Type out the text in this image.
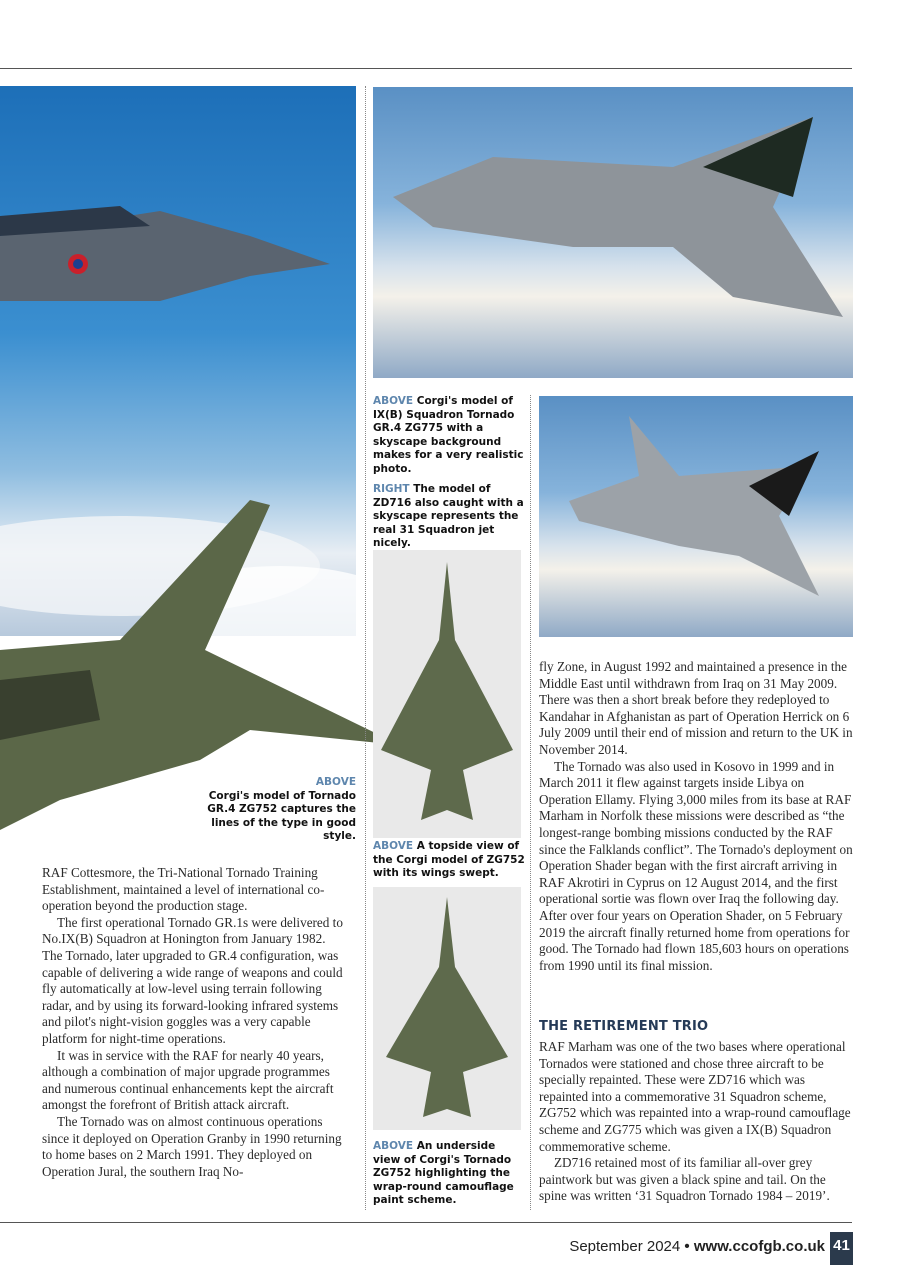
ABOVE
Corgi's model of Tornado GR.4 ZG752 captures the lines of the type in good style.
ABOVE Corgi's model of IX(B) Squadron Tornado GR.4 ZG775 with a skyscape background makes for a very realistic photo.
RIGHT The model of ZD716 also caught with a skyscape represents the real 31 Squadron jet nicely.
ABOVE A topside view of the Corgi model of ZG752 with its wings swept.
ABOVE An underside view of Corgi's Tornado ZG752 highlighting the wrap-round camouflage paint scheme.

RAF Cottesmore, the Tri-National Tornado Training Establishment, maintained a level of international co-operation beyond the production stage.

The first operational Tornado GR.1s were delivered to No.IX(B) Squadron at Honington from January 1982. The Tornado, later upgraded to GR.4 configuration, was capable of delivering a wide range of weapons and could fly automatically at low-level using terrain following radar, and by using its forward-looking infrared systems and pilot's night-vision goggles was a very capable platform for night-time operations.

It was in service with the RAF for nearly 40 years, although a combination of major upgrade programmes and numerous continual enhancements kept the aircraft amongst the forefront of British attack aircraft.

The Tornado was on almost continuous operations since it deployed on Operation Granby in 1990 returning to home bases on 2 March 1991. They deployed on Operation Jural, the southern Iraq No-

fly Zone, in August 1992 and maintained a presence in the Middle East until withdrawn from Iraq on 31 May 2009. There was then a short break before they redeployed to Kandahar in Afghanistan as part of Operation Herrick on 6 July 2009 until their end of mission and return to the UK in November 2014.

The Tornado was also used in Kosovo in 1999 and in March 2011 it flew against targets inside Libya on Operation Ellamy. Flying 3,000 miles from its base at RAF Marham in Norfolk these missions were described as “the longest-range bombing missions conducted by the RAF since the Falklands conflict”. The Tornado's deployment on Operation Shader began with the first aircraft arriving in RAF Akrotiri in Cyprus on 12 August 2014, and the first operational sortie was flown over Iraq the following day. After over four years on Operation Shader, on 5 February 2019 the aircraft finally returned home from operations for good. The Tornado had flown 185,603 hours on operations from 1990 until its final mission.

THE RETIREMENT TRIO

RAF Marham was one of the two bases where operational Tornados were stationed and chose three aircraft to be specially repainted. These were ZD716 which was repainted into a commemorative 31 Squadron scheme, ZG752 which was repainted into a wrap-round camouflage scheme and ZG775 which was given a IX(B) Squadron commemorative scheme.

ZD716 retained most of its familiar all-over grey paintwork but was given a black spine and tail. On the spine was written ‘31 Squadron Tornado 1984 – 2019’.

September 2024 • www.ccofgb.co.uk 41
